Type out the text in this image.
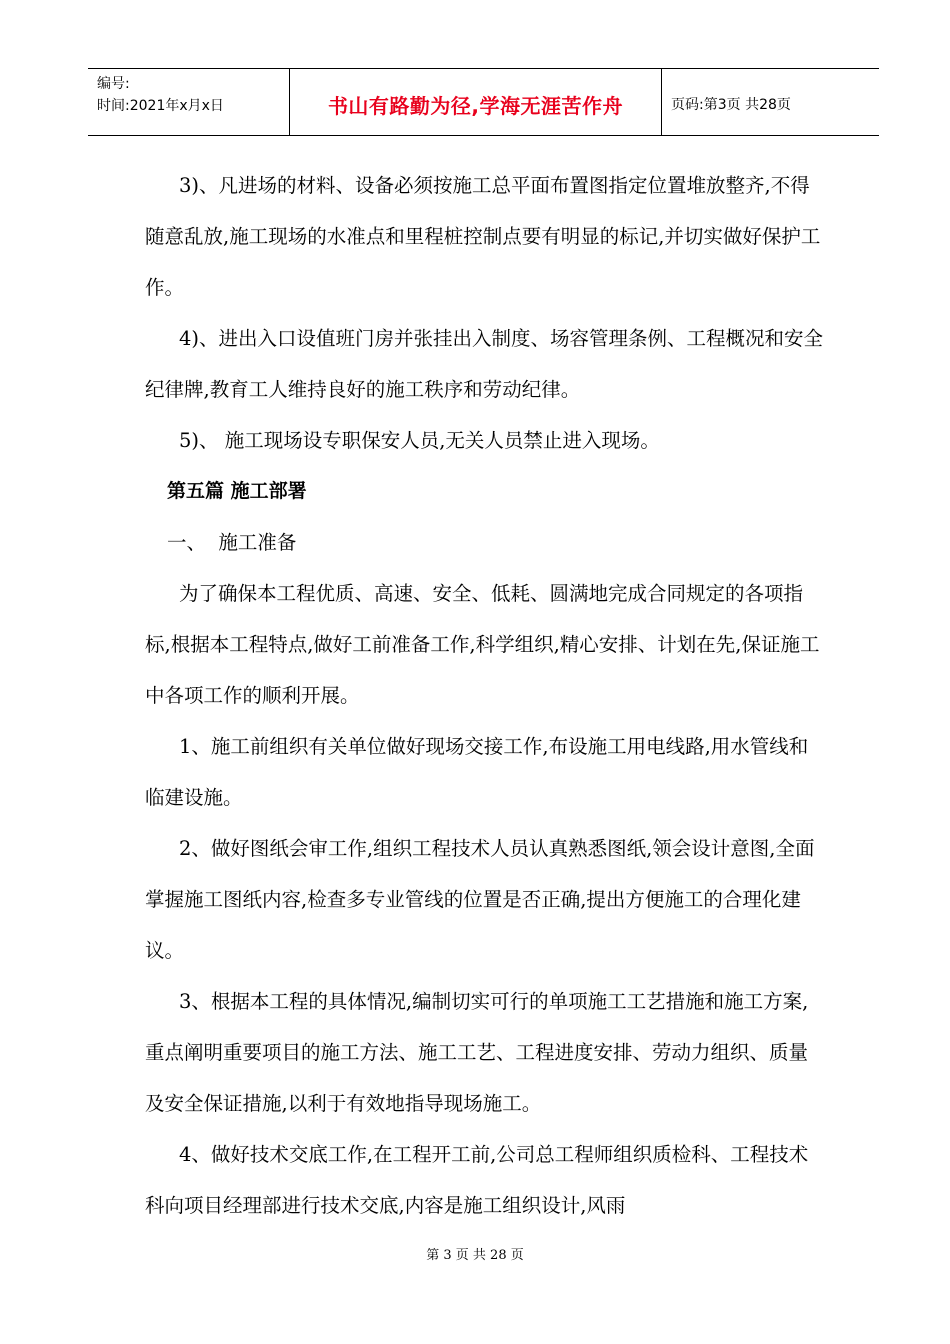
编号:
时间:2021年x月x日	书山有路勤为径,学海无涯苦作舟	页码:第3页 共28页

3)、凡进场的材料、设备必须按施工总平面布置图指定位置堆放整齐,不得随意乱放,施工现场的水准点和里程桩控制点要有明显的标记,并切实做好保护工作。

4)、进出入口设值班门房并张挂出入制度、场容管理条例、工程概况和安全纪律牌,教育工人维持良好的施工秩序和劳动纪律。

5)、 施工现场设专职保安人员,无关人员禁止进入现场。

第五篇 施工部署

一、  施工准备

为了确保本工程优质、高速、安全、低耗、圆满地完成合同规定的各项指标,根据本工程特点,做好工前准备工作,科学组织,精心安排、计划在先,保证施工中各项工作的顺利开展。

1、施工前组织有关单位做好现场交接工作,布设施工用电线路,用水管线和临建设施。

2、做好图纸会审工作,组织工程技术人员认真熟悉图纸,领会设计意图,全面掌握施工图纸内容,检查多专业管线的位置是否正确,提出方便施工的合理化建议。

3、根据本工程的具体情况,编制切实可行的单项施工工艺措施和施工方案,重点阐明重要项目的施工方法、施工工艺、工程进度安排、劳动力组织、质量及安全保证措施,以利于有效地指导现场施工。

4、做好技术交底工作,在工程开工前,公司总工程师组织质检科、工程技术科向项目经理部进行技术交底,内容是施工组织设计,风雨

第 3 页 共 28 页
